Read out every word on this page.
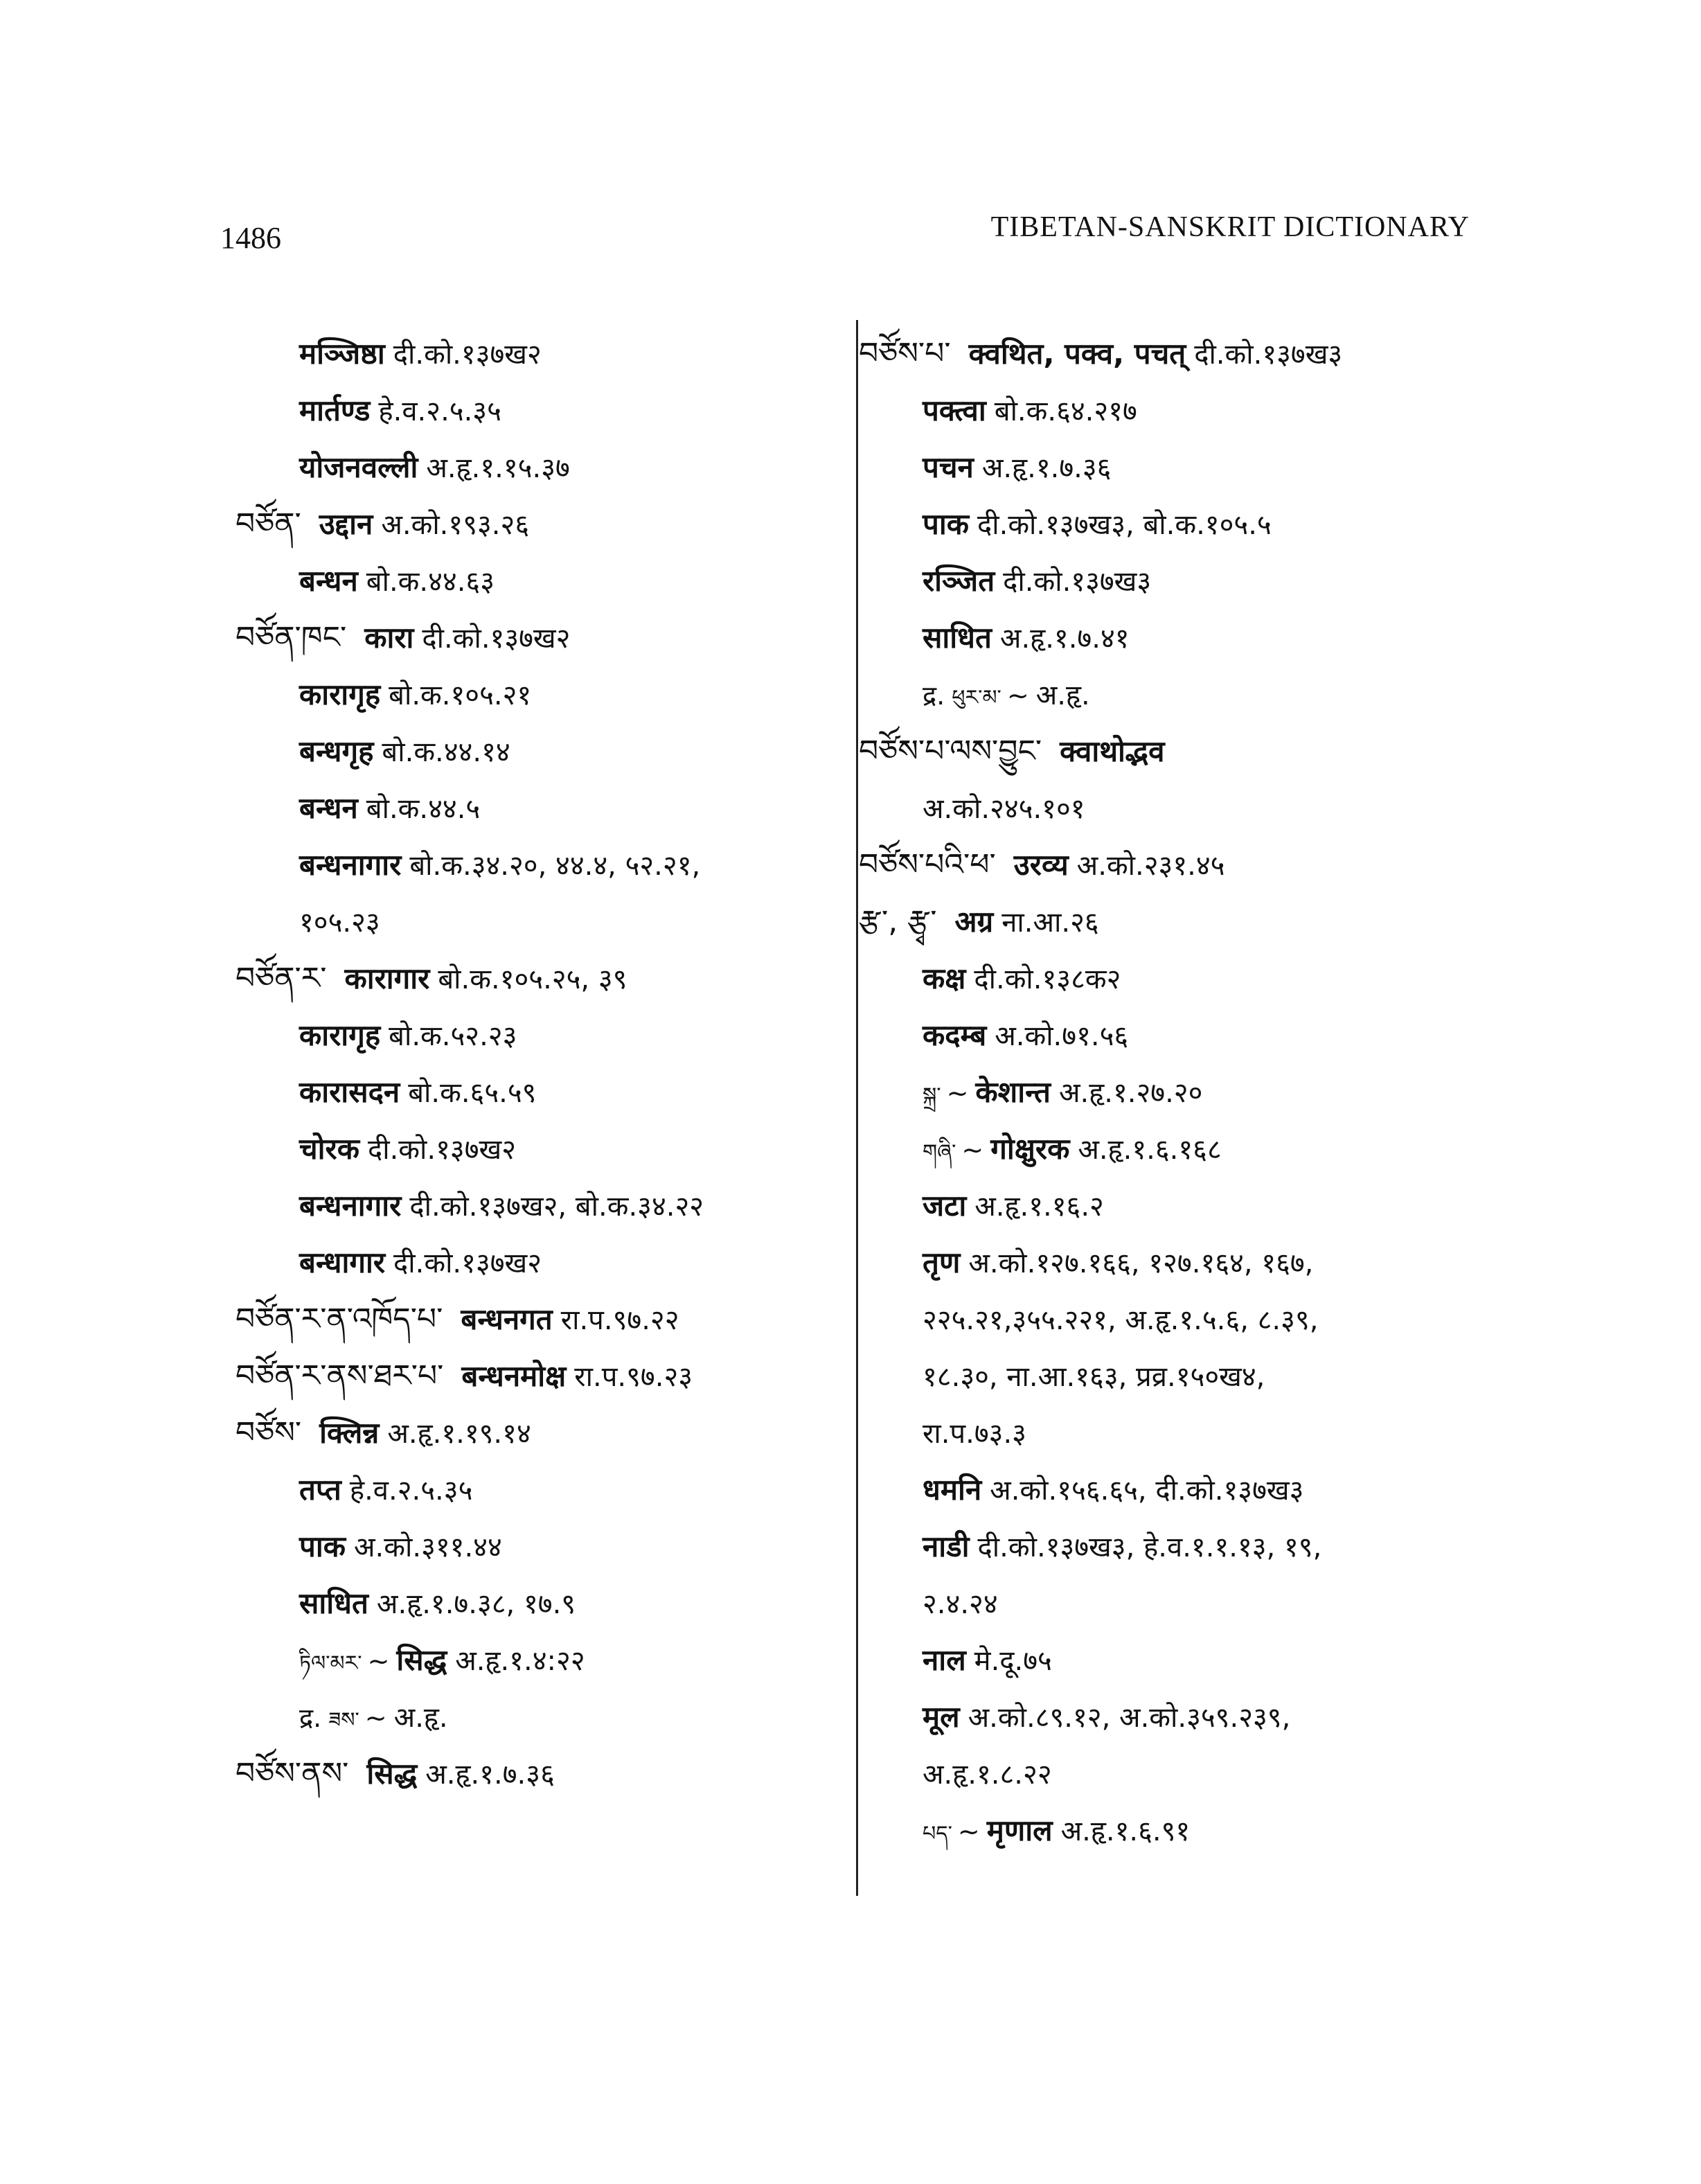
1486	TIBETAN-SANSKRIT DICTIONARY
मञ्जिष्ठा दी.को.१३७ख२
मार्तण्ड हे.व.२.५.३५
योजनवल्ली अ.हृ.१.१५.३७
བཙོན་ उद्दान अ.को.१९३.२६
बन्धन बो.क.४४.६३
བཙོན་ཁང་ कारा दी.को.१३७ख२
कारागृह बो.क.१०५.२१
बन्धगृह बो.क.४४.१४
बन्धन बो.क.४४.५
बन्धनागार बो.क.३४.२०, ४४.४, ५२.२१,
१०५.२३
བཙོན་ར་ कारागार बो.क.१०५.२५, ३९
कारागृह बो.क.५२.२३
कारासदन बो.क.६५.५९
चोरक दी.को.१३७ख२
बन्धनागार दी.को.१३७ख२, बो.क.३४.२२
बन्धागार दी.को.१३७ख२
བཙོན་ར་ན་འཁོད་པ་ बन्धनगत रा.प.९७.२२
བཙོན་ར་ནས་ཐར་པ་ बन्धनमोक्ष रा.प.९७.२३
བཙོས་ क्लिन्न अ.हृ.१.१९.१४
तप्त हे.व.२.५.३५
पाक अ.को.३११.४४
साधित अ.हृ.१.७.३८, १७.९
ཏིལ་མར་ ~ सिद्ध अ.हृ.१.४:२२
द्र. ཟས་ ~ अ.हृ.
བཙོས་ནས་ सिद्ध अ.हृ.१.७.३६
བཙོས་པ་ क्वथित, पक्व, पचत् दी.को.१३७ख३
पक्त्वा बो.क.६४.२१७
पचन अ.हृ.१.७.३६
पाक दी.को.१३७ख३, बो.क.१०५.५
रञ्जित दी.को.१३७ख३
साधित अ.हृ.१.७.४१
द्र. ཕུར་མ་ ~ अ.हृ.
བཙོས་པ་ལས་བྱུང་ क्वाथोद्भव
अ.को.२४५.१०१
བཙོས་པའི་ཕ་ उरव्य अ.को.२३१.४५
རྩ་, རྩྭ་ अग्र ना.आ.२६
कक्ष दी.को.१३८क२
कदम्ब अ.को.७१.५६
སྐྲ་ ~ केशान्त अ.हृ.१.२७.२०
གཞི་ ~ गोक्षुरक अ.हृ.१.६.१६८
जटा अ.हृ.१.१६.२
तृण अ.को.१२७.१६६, १२७.१६४, १६७,
२२५.२१,३५५.२२१, अ.हृ.१.५.६, ८.३९,
१८.३०, ना.आ.१६३, प्रव्र.१५०ख४,
रा.प.७३.३
धमनि अ.को.१५६.६५, दी.को.१३७ख३
नाडी दी.को.१३७ख३, हे.व.१.१.१३, १९,
२.४.२४
नाल मे.दू.७५
मूल अ.को.८९.१२, अ.को.३५९.२३९,
अ.हृ.१.८.२२
པད་ ~ मृणाल अ.हृ.१.६.९१
